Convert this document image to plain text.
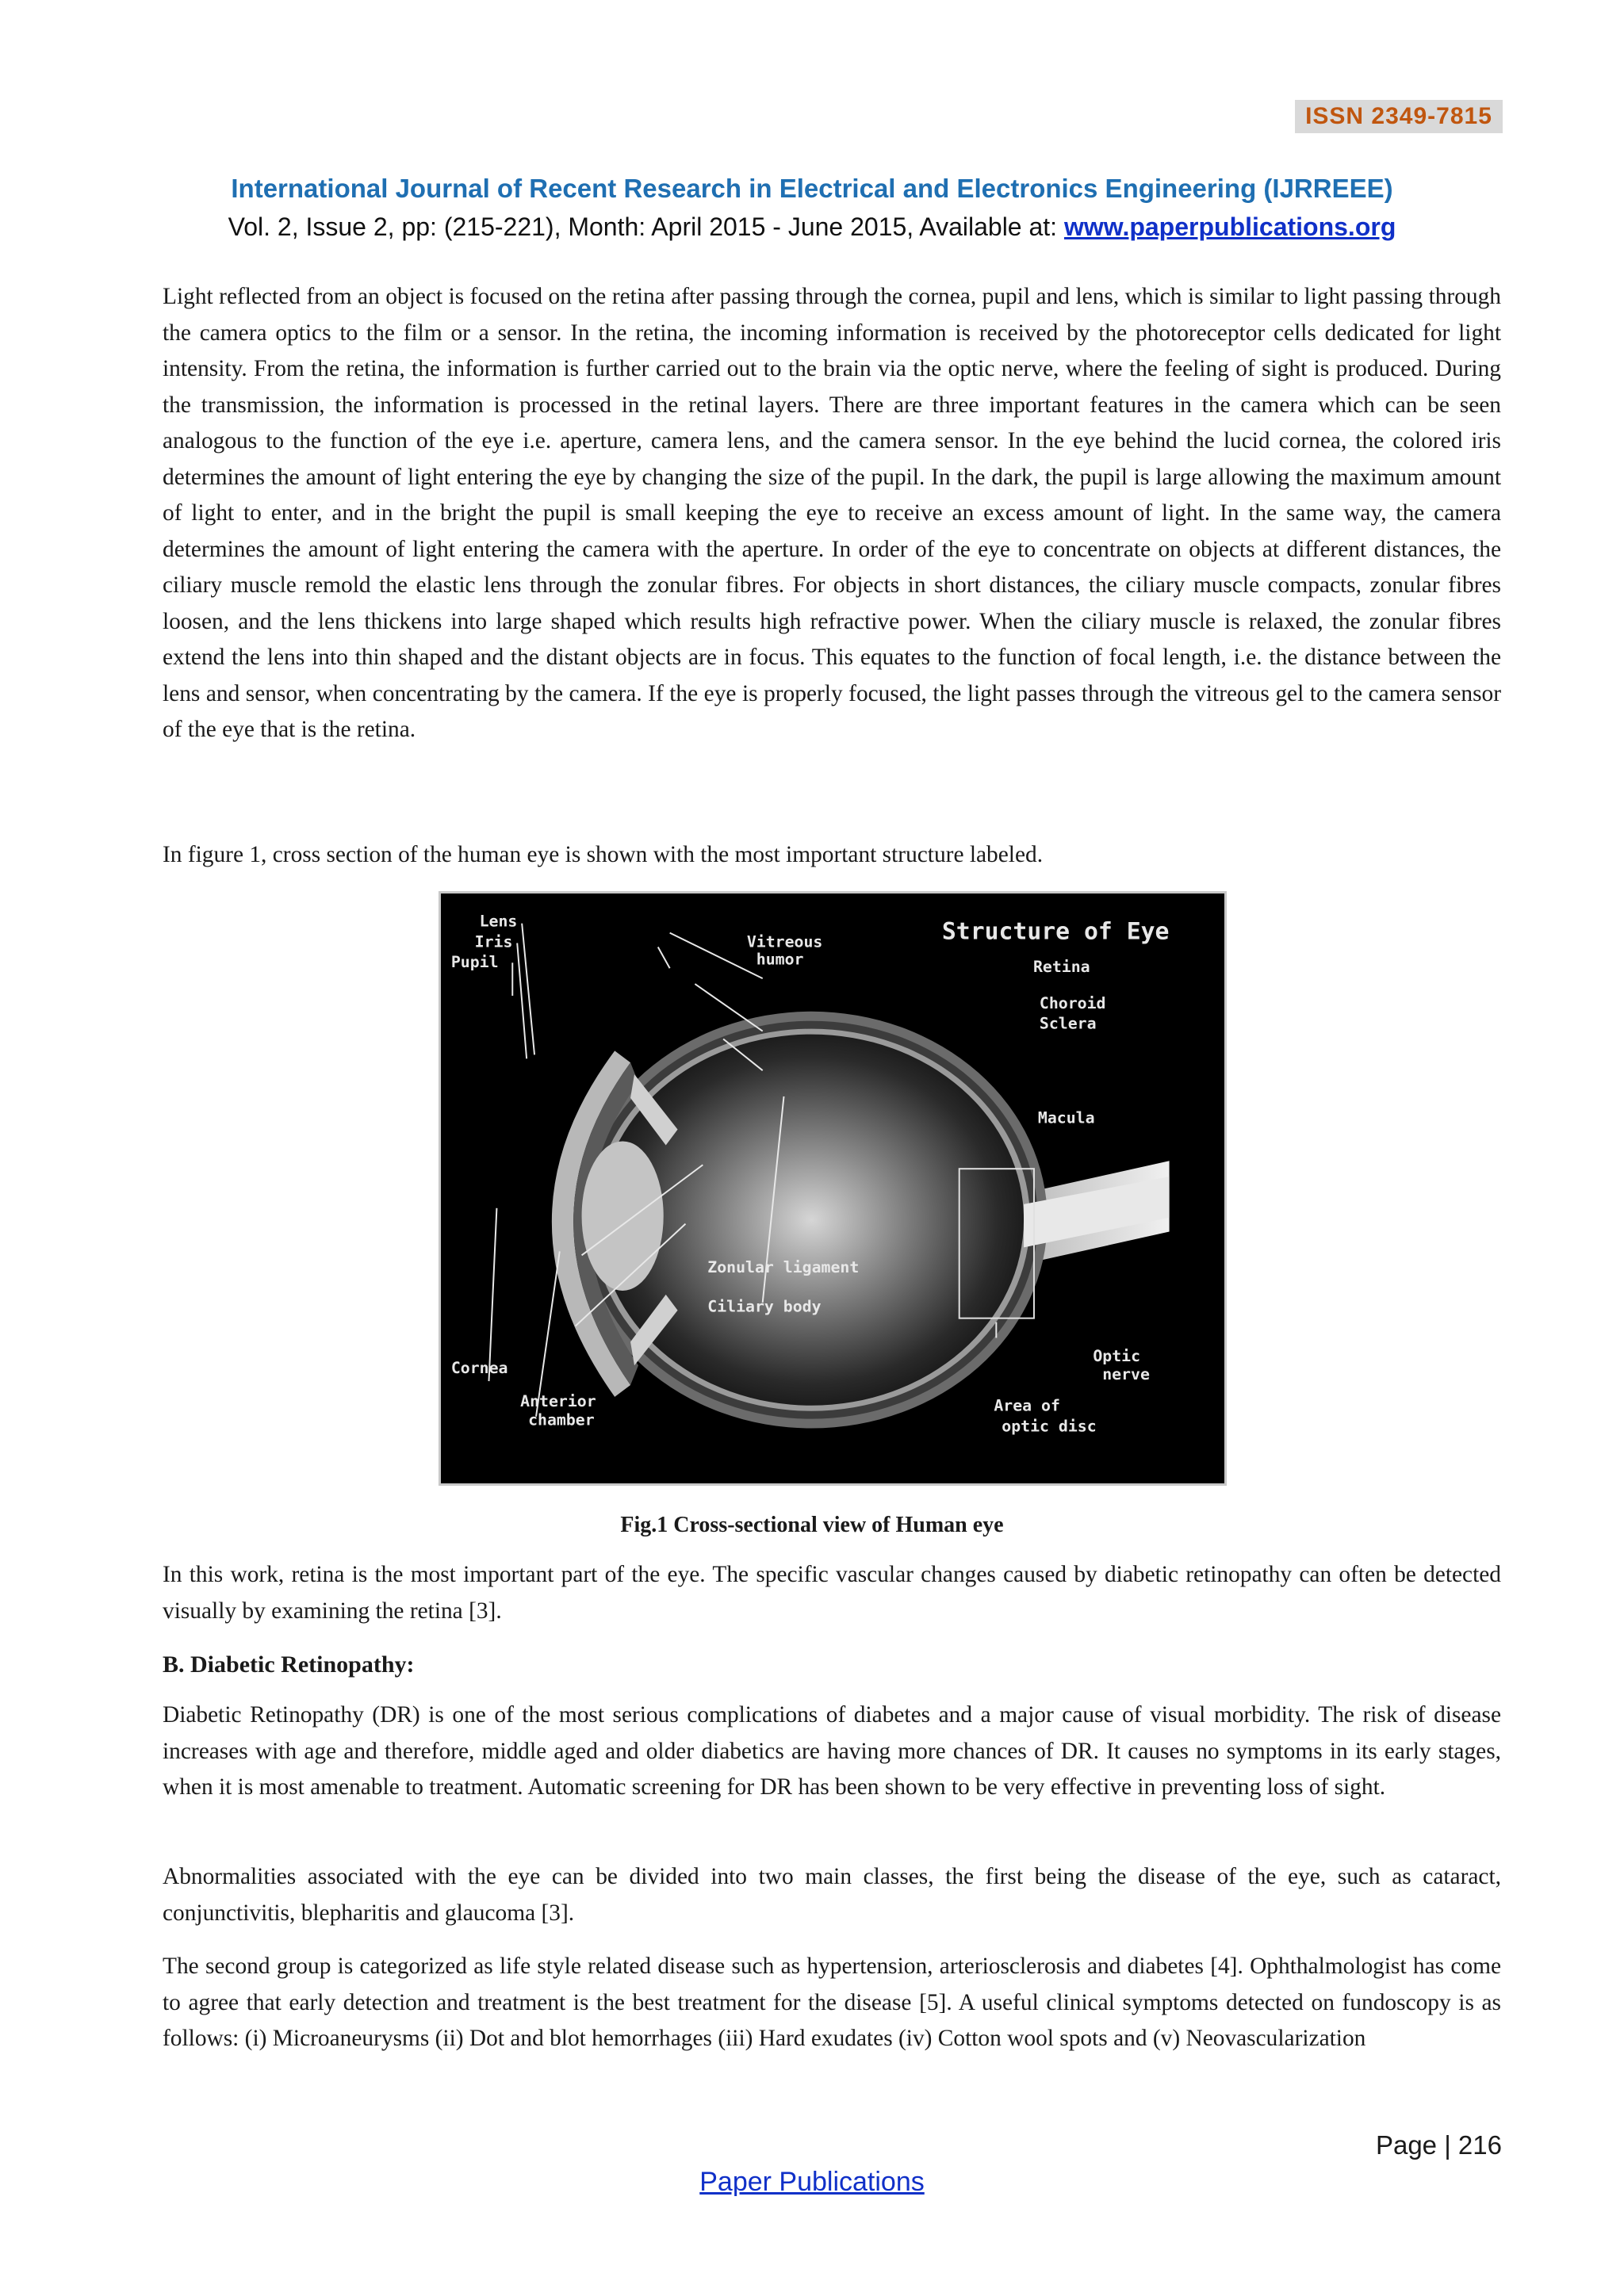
ISSN 2349-7815
International Journal of Recent Research in Electrical and Electronics Engineering (IJRREEE)
Vol. 2, Issue 2, pp: (215-221), Month: April 2015 - June 2015, Available at: www.paperpublications.org

Light reflected from an object is focused on the retina after passing through the cornea, pupil and lens, which is similar to light passing through the camera optics to the film or a sensor. In the retina, the incoming information is received by the photoreceptor cells dedicated for light intensity. From the retina, the information is further carried out to the brain via the optic nerve, where the feeling of sight is produced. During the transmission, the information is processed in the retinal layers. There are three important features in the camera which can be seen analogous to the function of the eye i.e. aperture, camera lens, and the camera sensor. In the eye behind the lucid cornea, the colored iris determines the amount of light entering the eye by changing the size of the pupil. In the dark, the pupil is large allowing the maximum amount of light to enter, and in the bright the pupil is small keeping the eye to receive an excess amount of light. In the same way, the camera determines the amount of light entering the camera with the aperture. In order of the eye to concentrate on objects at different distances, the ciliary muscle remold the elastic lens through the zonular fibres. For objects in short distances, the ciliary muscle compacts, zonular fibres loosen, and the lens thickens into large shaped which results high refractive power. When the ciliary muscle is relaxed, the zonular fibres extend the lens into thin shaped and the distant objects are in focus. This equates to the function of focal length, i.e. the distance between the lens and sensor, when concentrating by the camera. If the eye is properly focused, the light passes through the vitreous gel to the camera sensor of the eye that is the retina.

In figure 1, cross section of the human eye is shown with the most important structure labeled.

Structure of Eye
Lens
Iris
Pupil
Vitreous
humor	Retina
Choroid
Sclera
Macula
Zonular ligament
Ciliary body
Cornea
Anterior
chamber
Optic
nerve
Area of
optic disc
Fig.1 Cross-sectional view of Human eye

In this work, retina is the most important part of the eye. The specific vascular changes caused by diabetic retinopathy can often be detected visually by examining the retina [3].

B. Diabetic Retinopathy:

Diabetic Retinopathy (DR) is one of the most serious complications of diabetes and a major cause of visual morbidity. The risk of disease increases with age and therefore, middle aged and older diabetics are having more chances of DR. It causes no symptoms in its early stages, when it is most amenable to treatment. Automatic screening for DR has been shown to be very effective in preventing loss of sight.

Abnormalities associated with the eye can be divided into two main classes, the first being the disease of the eye, such as cataract, conjunctivitis, blepharitis and glaucoma [3].

The second group is categorized as life style related disease such as hypertension, arteriosclerosis and diabetes [4]. Ophthalmologist has come to agree that early detection and treatment is the best treatment for the disease [5]. A useful clinical symptoms detected on fundoscopy is as follows: (i) Microaneurysms (ii) Dot and blot hemorrhages (iii) Hard exudates (iv) Cotton wool spots and (v) Neovascularization

Page | 216
Paper Publications
